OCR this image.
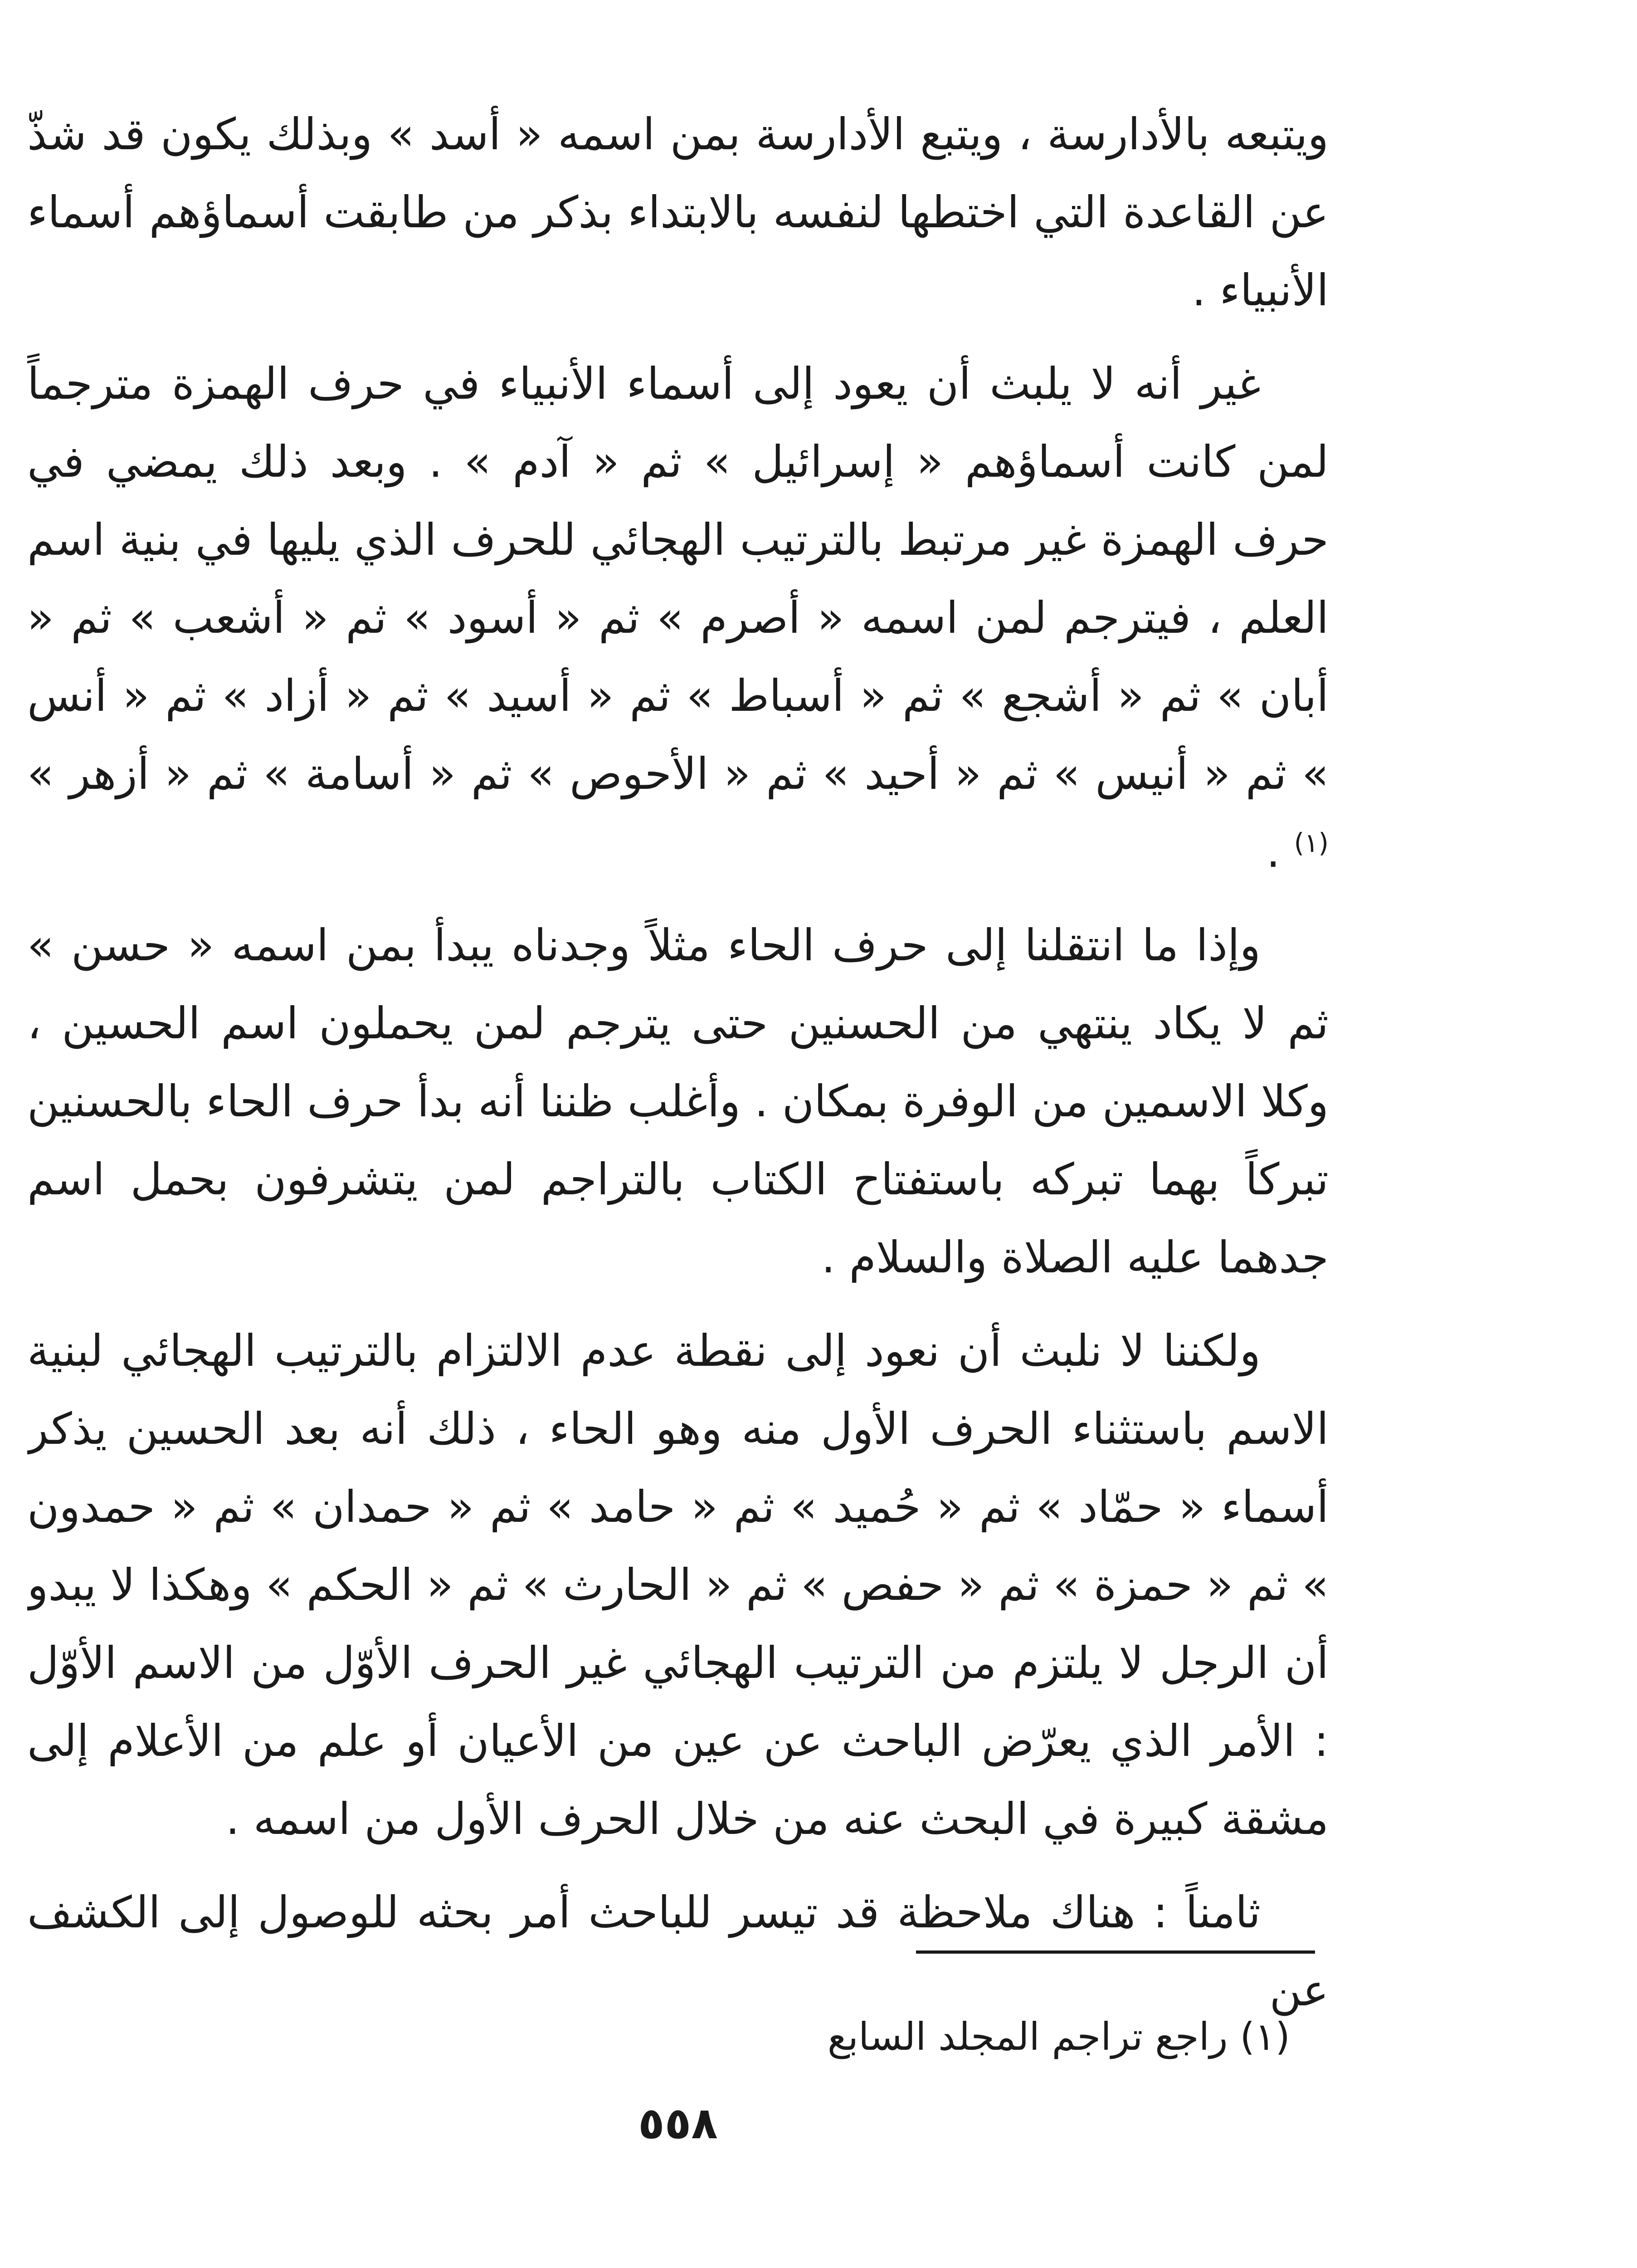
ويتبعه بالأدارسة ، ويتبع الأدارسة بمن اسمه « أسد » وبذلك يكون قد شذّ عن القاعدة التي اختطها لنفسه بالابتداء بذكر من طابقت أسماؤهم أسماء الأنبياء .

غير أنه لا يلبث أن يعود إلى أسماء الأنبياء في حرف الهمزة مترجماً لمن كانت أسماؤهم « إسرائيل » ثم « آدم » . وبعد ذلك يمضي في حرف الهمزة غير مرتبط بالترتيب الهجائي للحرف الذي يليها في بنية اسم العلم ، فيترجم لمن اسمه « أصرم » ثم « أسود » ثم « أشعب » ثم « أبان » ثم « أشجع » ثم « أسباط » ثم « أسيد » ثم « أزاد » ثم « أنس » ثم « أنيس » ثم « أحيد » ثم « الأحوص » ثم « أسامة » ثم « أزهر » $^{(١)}$ .

وإذا ما انتقلنا إلى حرف الحاء مثلاً وجدناه يبدأ بمن اسمه « حسن » ثم لا يكاد ينتهي من الحسنين حتى يترجم لمن يحملون اسم الحسين ، وكلا الاسمين من الوفرة بمكان . وأغلب ظننا أنه بدأ حرف الحاء بالحسنين تبركاً بهما تبركه باستفتاح الكتاب بالتراجم لمن يتشرفون بحمل اسم جدهما عليه الصلاة والسلام .

ولكننا لا نلبث أن نعود إلى نقطة عدم الالتزام بالترتيب الهجائي لبنية الاسم باستثناء الحرف الأول منه وهو الحاء ، ذلك أنه بعد الحسين يذكر أسماء « حمّاد » ثم « حُميد » ثم « حامد » ثم « حمدان » ثم « حمدون » ثم « حمزة » ثم « حفص » ثم « الحارث » ثم « الحكم » وهكذا لا يبدو أن الرجل لا يلتزم من الترتيب الهجائي غير الحرف الأوّل من الاسم الأوّل : الأمر الذي يعرّض الباحث عن عين من الأعيان أو علم من الأعلام إلى مشقة كبيرة في البحث عنه من خلال الحرف الأول من اسمه .

ثامناً : هناك ملاحظة قد تيسر للباحث أمر بحثه للوصول إلى الكشف عن

(١) راجع تراجم المجلد السابع
٥٥٨
